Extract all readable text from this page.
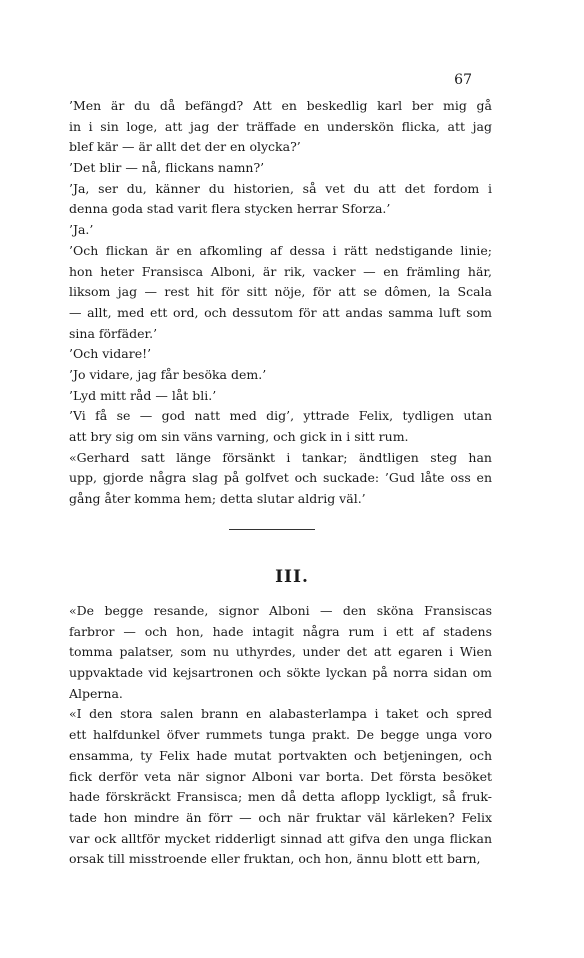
67
’Men är du då befängd? Att en beskedlig karl ber mig gå
in i sin loge, att jag der träffade en underskön flicka, att jag
blef kär — är allt det der en olycka?’
’Det blir — nå, flickans namn?’
’Ja, ser du, känner du historien, så vet du att det fordom i
denna goda stad varit flera stycken herrar Sforza.’
’Ja.’
’Och flickan är en afkomling af dessa i rätt nedstigande linie;
hon heter Fransisca Alboni, är rik, vacker — en främling här,
liksom jag — rest hit för sitt nöje, för att se dômen, la Scala
— allt, med ett ord, och dessutom för att andas samma luft som
sina förfäder.’
’Och vidare!’
’Jo vidare, jag får besöka dem.’
’Lyd mitt råd — låt bli.’
’Vi få se — god natt med dig’, yttrade Felix, tydligen utan
att bry sig om sin väns varning, och gick in i sitt rum.
«Gerhard satt länge försänkt i tankar; ändtligen steg han
upp, gjorde några slag på golfvet och suckade: ’Gud låte oss en
gång åter komma hem; detta slutar aldrig väl.’
III.
«De begge resande, signor Alboni — den sköna Fransiscas
farbror — och hon, hade intagit några rum i ett af stadens
tomma palatser, som nu uthyrdes, under det att egaren i Wien
uppvaktade vid kejsartronen och sökte lyckan på norra sidan om
Alperna.
«I den stora salen brann en alabasterlampa i taket och spred
ett halfdunkel öfver rummets tunga prakt. De begge unga voro
ensamma, ty Felix hade mutat portvakten och betjeningen, och
fick derför veta när signor Alboni var borta. Det första besöket
hade förskräckt Fransisca; men då detta aflopp lyckligt, så fruk-
tade hon mindre än förr — och när fruktar väl kärleken? Felix
var ock alltför mycket ridderligt sinnad att gifva den unga flickan
orsak till misstroende eller fruktan, och hon, ännu blott ett barn,
